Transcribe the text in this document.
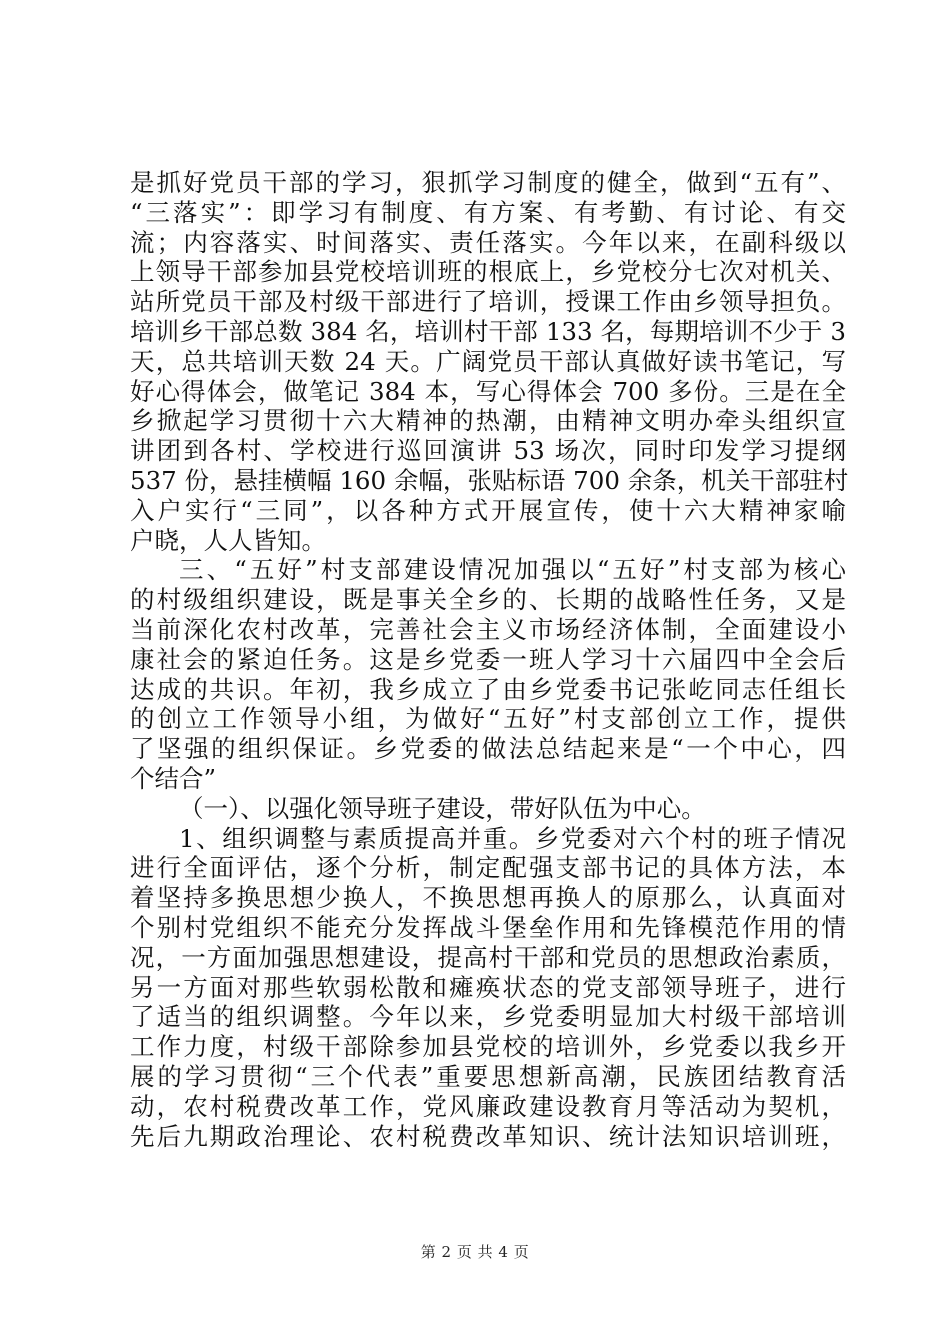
是抓好党员干部的学习，狠抓学习制度的健全，做到“五有”、
“三落实”：即学习有制度、有方案、有考勤、有讨论、有交
流；内容落实、时间落实、责任落实。今年以来，在副科级以
上领导干部参加县党校培训班的根底上，乡党校分七次对机关、
站所党员干部及村级干部进行了培训，授课工作由乡领导担负。
培训乡干部总数 384 名，培训村干部 133 名，每期培训不少于 3
天，总共培训天数 24 天。广阔党员干部认真做好读书笔记，写
好心得体会，做笔记 384 本，写心得体会 700 多份。三是在全
乡掀起学习贯彻十六大精神的热潮，由精神文明办牵头组织宣
讲团到各村、学校进行巡回演讲 53 场次，同时印发学习提纲
537 份，悬挂横幅 160 余幅，张贴标语 700 余条，机关干部驻村
入户实行“三同”，以各种方式开展宣传，使十六大精神家喻
户晓，人人皆知。
三、“五好”村支部建设情况加强以“五好”村支部为核心
的村级组织建设，既是事关全乡的、长期的战略性任务，又是
当前深化农村改革，完善社会主义市场经济体制，全面建设小
康社会的紧迫任务。这是乡党委一班人学习十六届四中全会后
达成的共识。年初，我乡成立了由乡党委书记张屹同志任组长
的创立工作领导小组，为做好“五好”村支部创立工作，提供
了坚强的组织保证。乡党委的做法总结起来是“一个中心，四
个结合”
（一）、以强化领导班子建设，带好队伍为中心。
1、组织调整与素质提高并重。乡党委对六个村的班子情况
进行全面评估，逐个分析，制定配强支部书记的具体方法，本
着坚持多换思想少换人，不换思想再换人的原那么，认真面对
个别村党组织不能充分发挥战斗堡垒作用和先锋模范作用的情
况，一方面加强思想建设，提高村干部和党员的思想政治素质，
另一方面对那些软弱松散和瘫痪状态的党支部领导班子，进行
了适当的组织调整。今年以来，乡党委明显加大村级干部培训
工作力度，村级干部除参加县党校的培训外，乡党委以我乡开
展的学习贯彻“三个代表”重要思想新高潮，民族团结教育活
动，农村税费改革工作，党风廉政建设教育月等活动为契机，
先后九期政治理论、农村税费改革知识、统计法知识培训班，
第 2 页 共 4 页
